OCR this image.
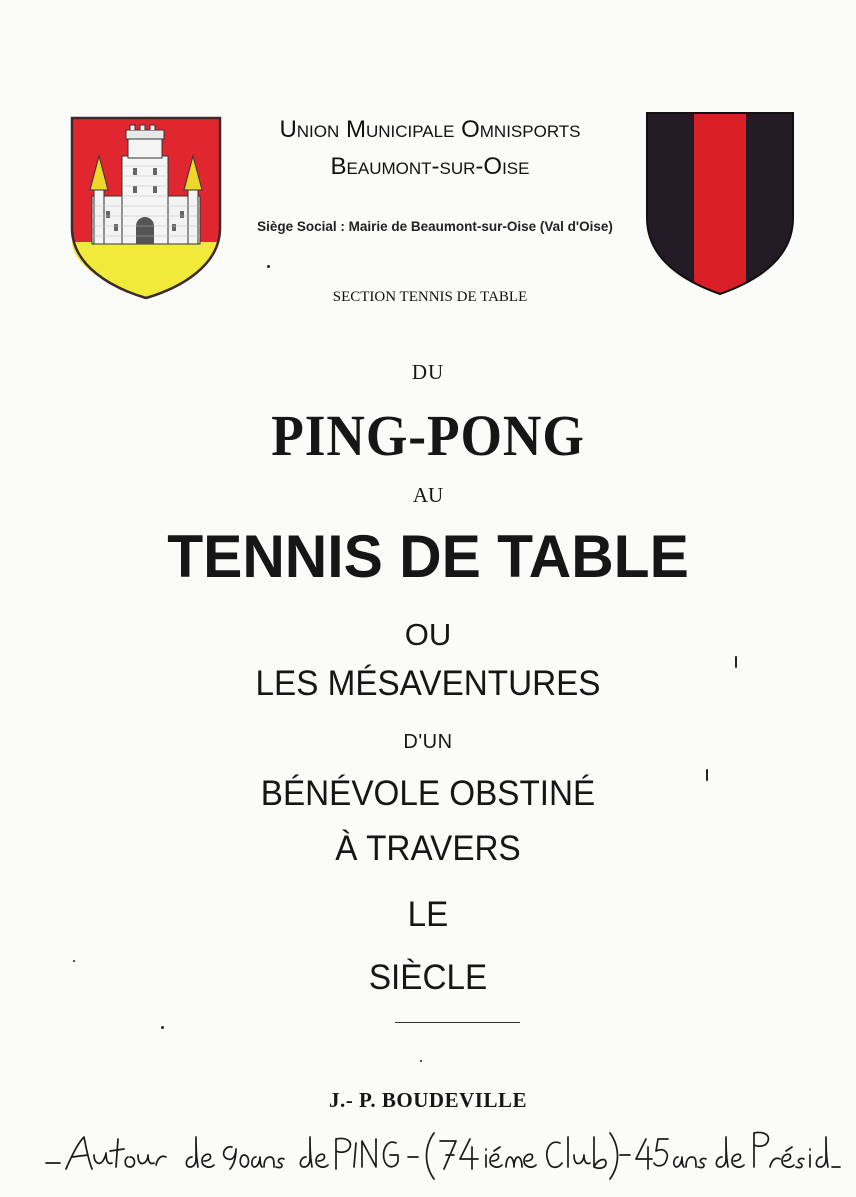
Union Municipale Omnisports
Beaumont-sur-Oise
Siège Social : Mairie de Beaumont-sur-Oise (Val d'Oise)
SECTION TENNIS DE TABLE
DU
PING-PONG
AU
TENNIS DE TABLE
OU
LES MÉSAVENTURES
D'UN
BÉNÉVOLE OBSTINÉ
À TRAVERS
LE
SIÈCLE
J.- P. BOUDEVILLE
